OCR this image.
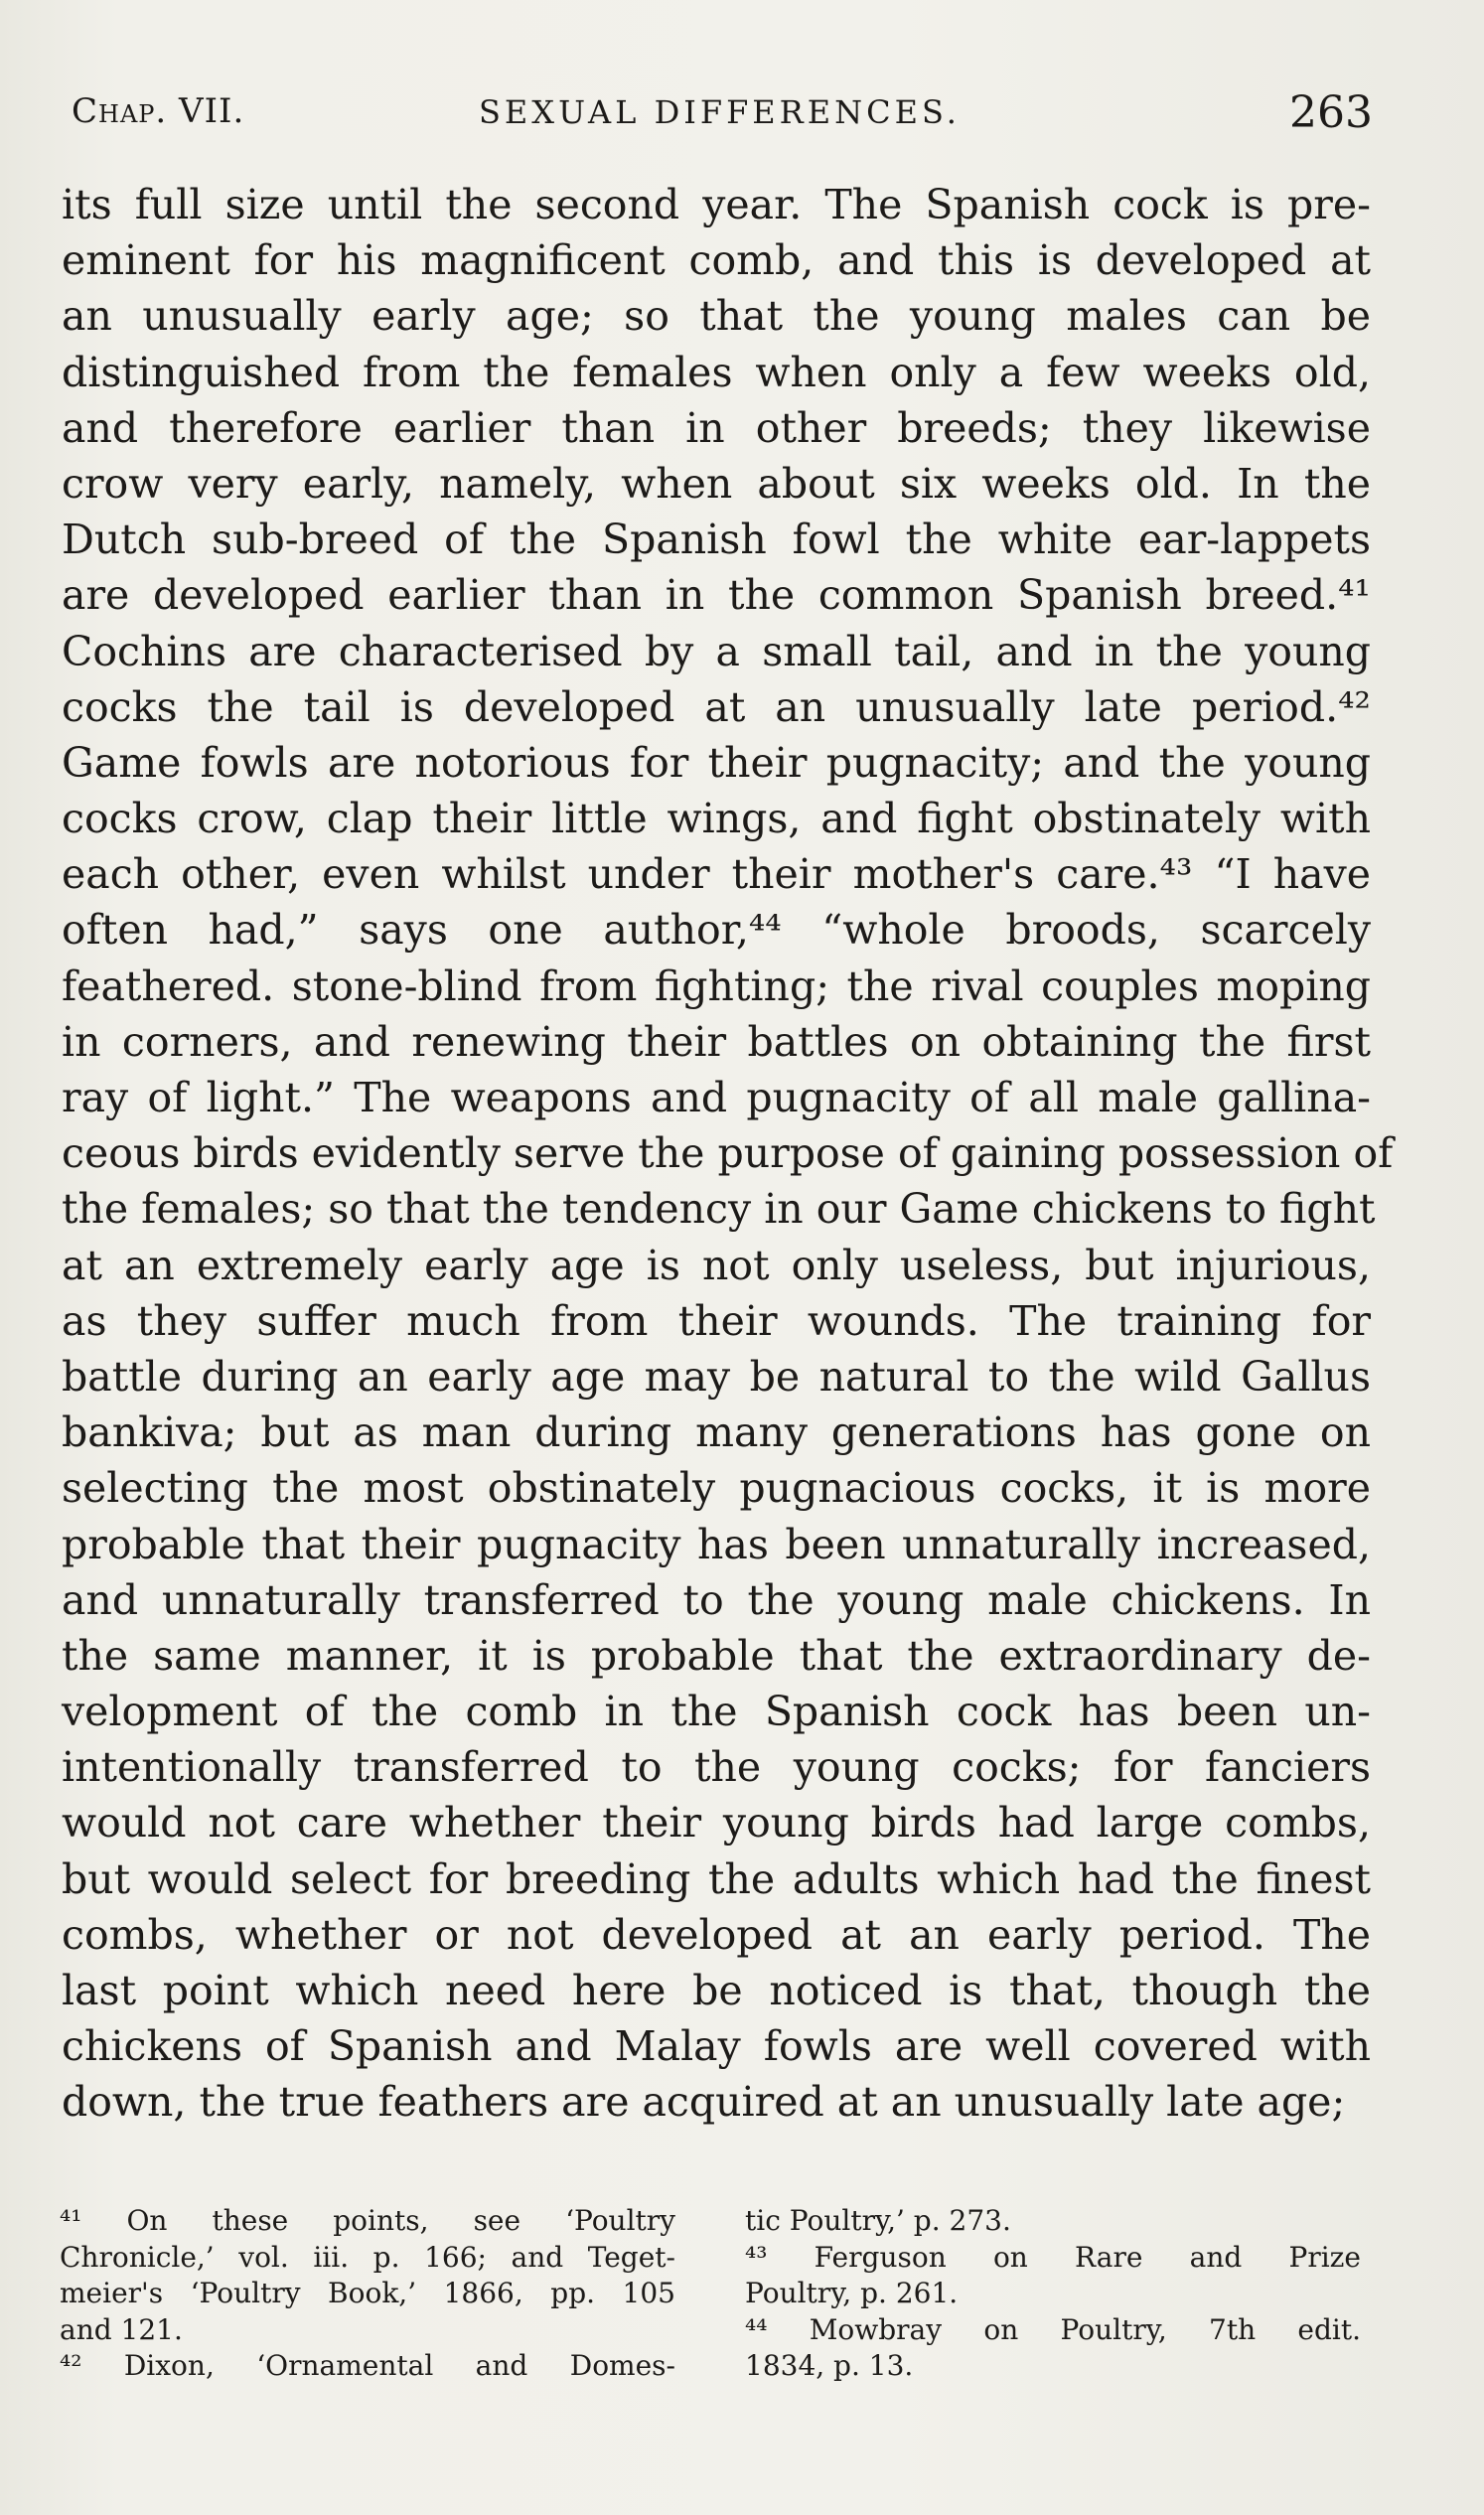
Chap. VII.	SEXUAL DIFFERENCES.	263
its full size until the second year. The Spanish cock is pre-
eminent for his magnificent comb, and this is developed at
an unusually early age; so that the young males can be
distinguished from the females when only a few weeks old,
and therefore earlier than in other breeds; they likewise
crow very early, namely, when about six weeks old. In the
Dutch sub-breed of the Spanish fowl the white ear-lappets
are developed earlier than in the common Spanish breed.⁴¹
Cochins are characterised by a small tail, and in the young
cocks the tail is developed at an unusually late period.⁴²
Game fowls are notorious for their pugnacity; and the young
cocks crow, clap their little wings, and fight obstinately with
each other, even whilst under their mother's care.⁴³ “I have
often had,” says one author,⁴⁴ “whole broods, scarcely
feathered. stone-blind from fighting; the rival couples moping
in corners, and renewing their battles on obtaining the first
ray of light.” The weapons and pugnacity of all male gallina-
ceous birds evidently serve the purpose of gaining possession of
the females; so that the tendency in our Game chickens to fight
at an extremely early age is not only useless, but injurious,
as they suffer much from their wounds. The training for
battle during an early age may be natural to the wild Gallus
bankiva; but as man during many generations has gone on
selecting the most obstinately pugnacious cocks, it is more
probable that their pugnacity has been unnaturally increased,
and unnaturally transferred to the young male chickens. In
the same manner, it is probable that the extraordinary de-
velopment of the comb in the Spanish cock has been un-
intentionally transferred to the young cocks; for fanciers
would not care whether their young birds had large combs,
but would select for breeding the adults which had the finest
combs, whether or not developed at an early period. The
last point which need here be noticed is that, though the
chickens of Spanish and Malay fowls are well covered with
down, the true feathers are acquired at an unusually late age;
⁴¹ On these points, see ‘Poultry
Chronicle,’ vol. iii. p. 166; and Teget-
meier's ‘Poultry Book,’ 1866, pp. 105
and 121.
⁴² Dixon, ‘Ornamental and Domes-
tic Poultry,’ p. 273.
⁴³ Ferguson on Rare and Prize
Poultry, p. 261.
⁴⁴ Mowbray on Poultry, 7th edit.
1834, p. 13.
